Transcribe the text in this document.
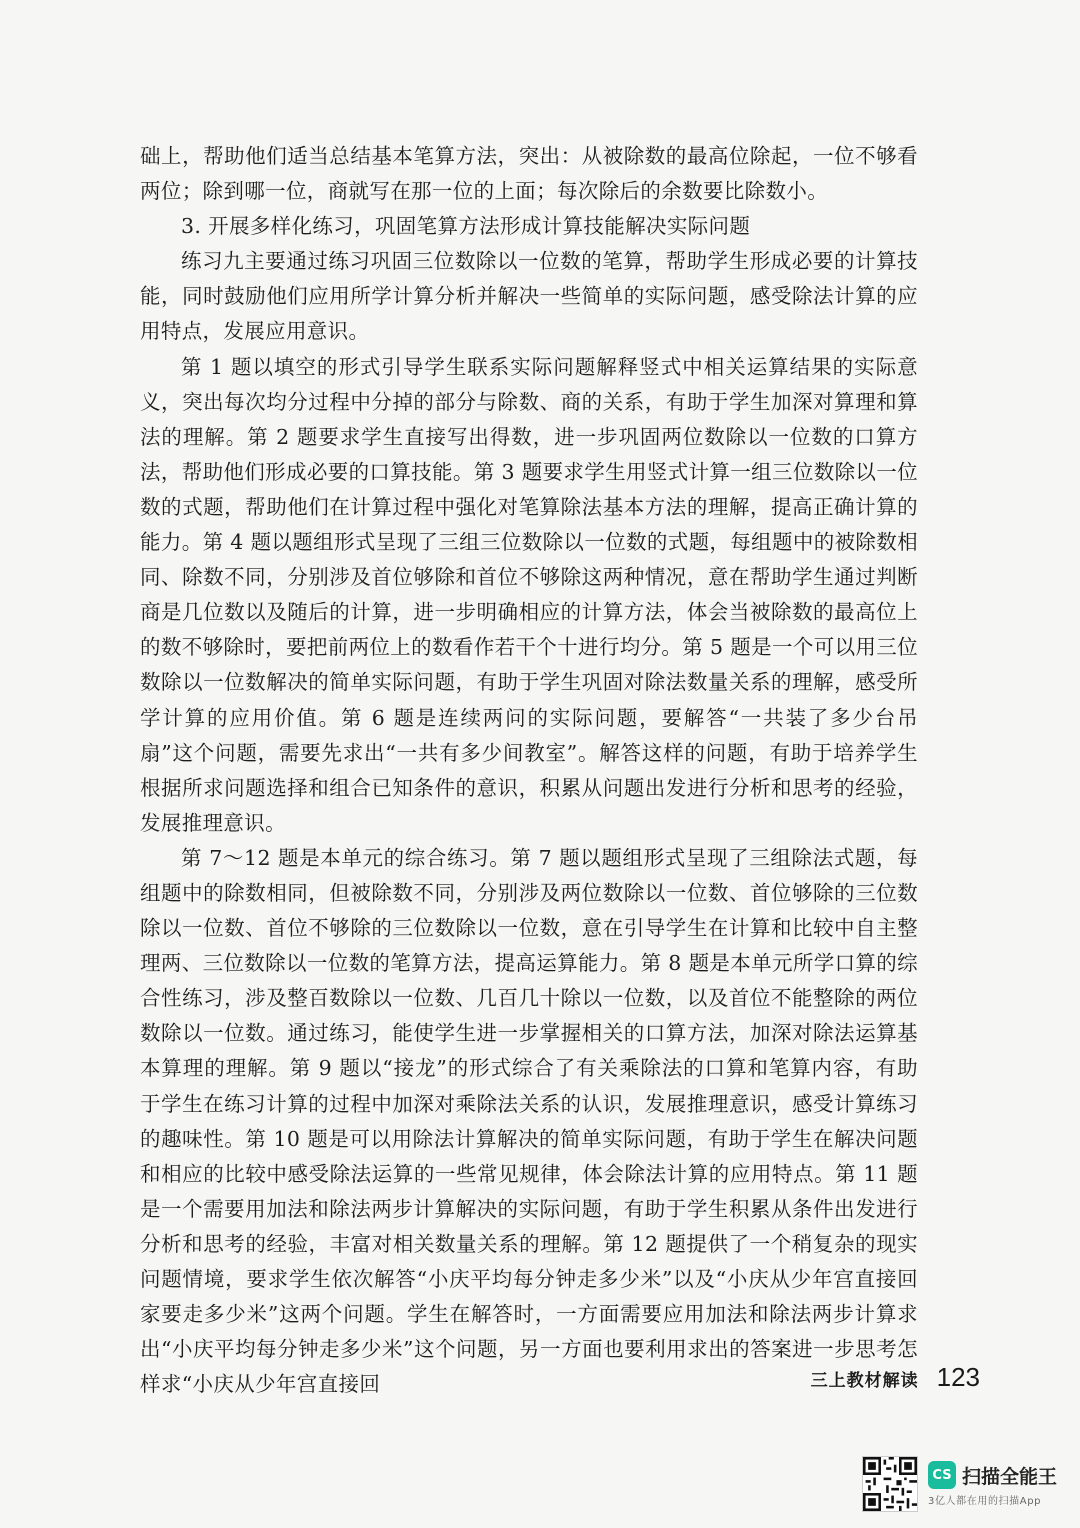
础上，帮助他们适当总结基本笔算方法，突出：从被除数的最高位除起，一位不够看两位；除到哪一位，商就写在那一位的上面；每次除后的余数要比除数小。

3. 开展多样化练习，巩固笔算方法形成计算技能解决实际问题

练习九主要通过练习巩固三位数除以一位数的笔算，帮助学生形成必要的计算技能，同时鼓励他们应用所学计算分析并解决一些简单的实际问题，感受除法计算的应用特点，发展应用意识。

第 1 题以填空的形式引导学生联系实际问题解释竖式中相关运算结果的实际意义，突出每次均分过程中分掉的部分与除数、商的关系，有助于学生加深对算理和算法的理解。第 2 题要求学生直接写出得数，进一步巩固两位数除以一位数的口算方法，帮助他们形成必要的口算技能。第 3 题要求学生用竖式计算一组三位数除以一位数的式题，帮助他们在计算过程中强化对笔算除法基本方法的理解，提高正确计算的能力。第 4 题以题组形式呈现了三组三位数除以一位数的式题，每组题中的被除数相同、除数不同，分别涉及首位够除和首位不够除这两种情况，意在帮助学生通过判断商是几位数以及随后的计算，进一步明确相应的计算方法，体会当被除数的最高位上的数不够除时，要把前两位上的数看作若干个十进行均分。第 5 题是一个可以用三位数除以一位数解决的简单实际问题，有助于学生巩固对除法数量关系的理解，感受所学计算的应用价值。第 6 题是连续两问的实际问题，要解答“一共装了多少台吊扇”这个问题，需要先求出“一共有多少间教室”。解答这样的问题，有助于培养学生根据所求问题选择和组合已知条件的意识，积累从问题出发进行分析和思考的经验，发展推理意识。

第 7～12 题是本单元的综合练习。第 7 题以题组形式呈现了三组除法式题，每组题中的除数相同，但被除数不同，分别涉及两位数除以一位数、首位够除的三位数除以一位数、首位不够除的三位数除以一位数，意在引导学生在计算和比较中自主整理两、三位数除以一位数的笔算方法，提高运算能力。第 8 题是本单元所学口算的综合性练习，涉及整百数除以一位数、几百几十除以一位数，以及首位不能整除的两位数除以一位数。通过练习，能使学生进一步掌握相关的口算方法，加深对除法运算基本算理的理解。第 9 题以“接龙”的形式综合了有关乘除法的口算和笔算内容，有助于学生在练习计算的过程中加深对乘除法关系的认识，发展推理意识，感受计算练习的趣味性。第 10 题是可以用除法计算解决的简单实际问题，有助于学生在解决问题和相应的比较中感受除法运算的一些常见规律，体会除法计算的应用特点。第 11 题是一个需要用加法和除法两步计算解决的实际问题，有助于学生积累从条件出发进行分析和思考的经验，丰富对相关数量关系的理解。第 12 题提供了一个稍复杂的现实问题情境，要求学生依次解答“小庆平均每分钟走多少米”以及“小庆从少年宫直接回家要走多少米”这两个问题。学生在解答时，一方面需要应用加法和除法两步计算求出“小庆平均每分钟走多少米”这个问题，另一方面也要利用求出的答案进一步思考怎样求“小庆从少年宫直接回	三上教材解读 123
CS 扫描全能王
3亿人都在用的扫描App
